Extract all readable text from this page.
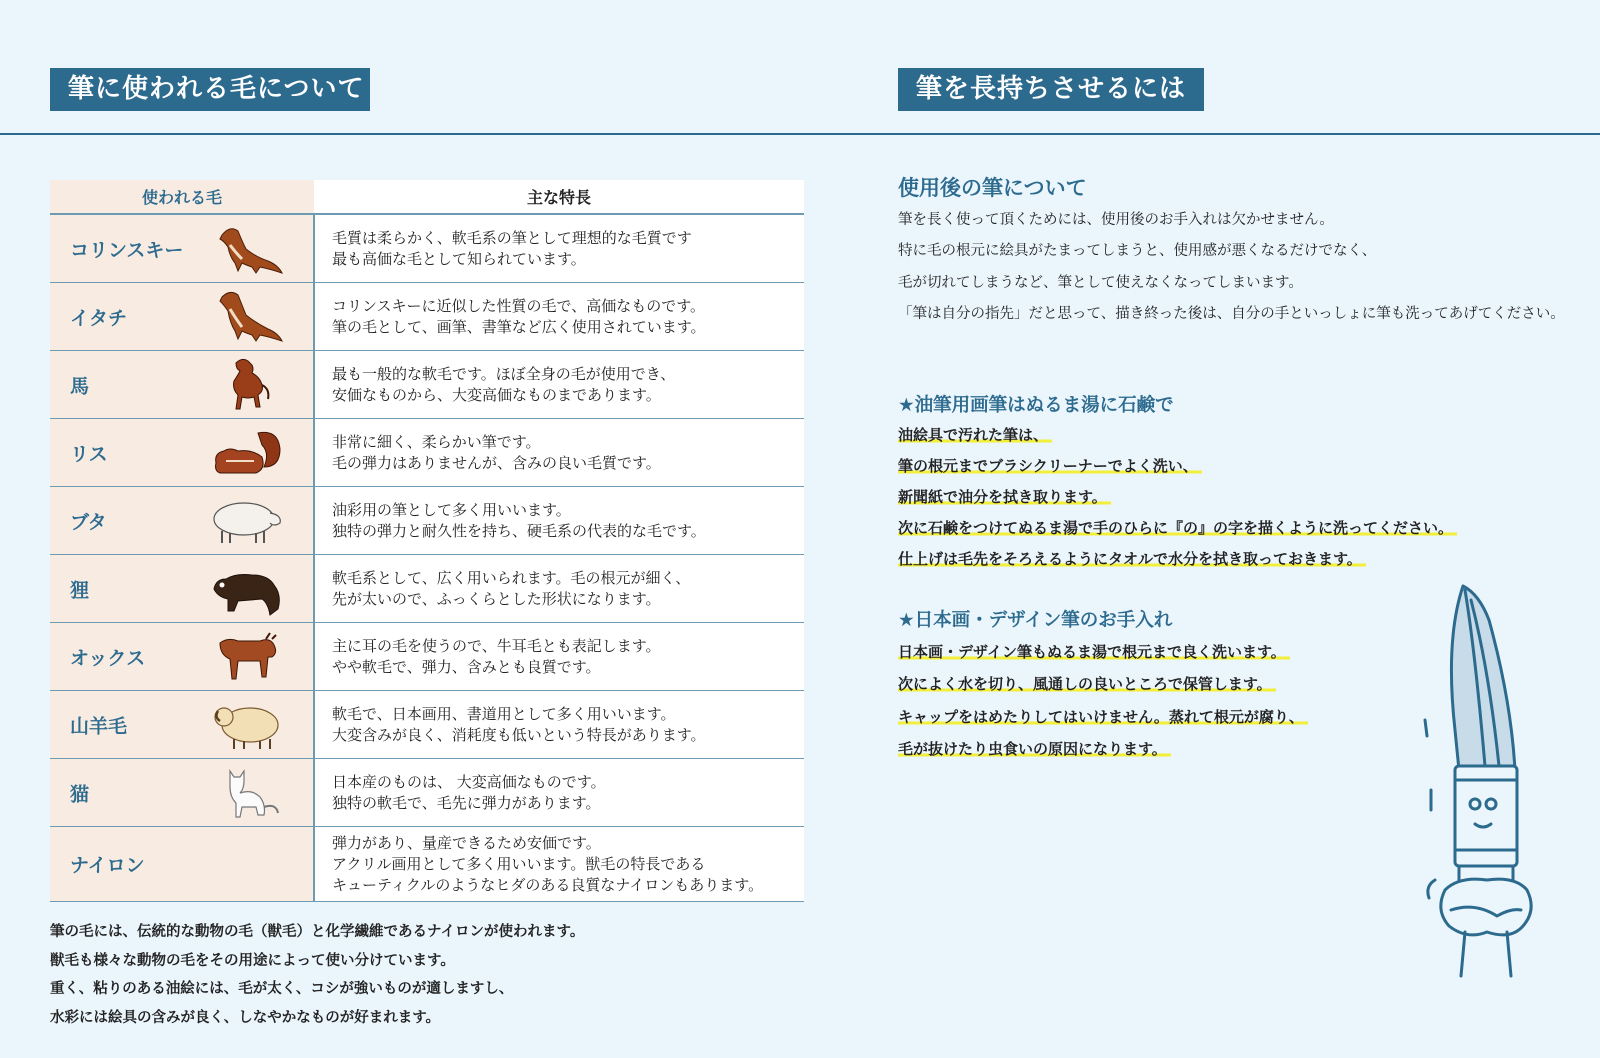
筆に使われる毛について	筆を長持ちさせるには
使われる毛	主な特長

コリンスキー	毛質は柔らかく、軟毛系の筆として理想的な毛質です
最も高価な毛として知られています。

イタチ	コリンスキーに近似した性質の毛で、高価なものです。
筆の毛として、画筆、書筆など広く使用されています。

馬	最も一般的な軟毛です。ほぼ全身の毛が使用でき、
安価なものから、大変高価なものまであります。

リス	非常に細く、柔らかい筆です。
毛の弾力はありませんが、含みの良い毛質です。

ブタ	油彩用の筆として多く用いいます。
独特の弾力と耐久性を持ち、硬毛系の代表的な毛です。

狸	軟毛系として、広く用いられます。毛の根元が細く、
先が太いので、ふっくらとした形状になります。

オックス	主に耳の毛を使うので、牛耳毛とも表記します。
やや軟毛で、弾力、含みとも良質です。

山羊毛	軟毛で、日本画用、書道用として多く用いいます。
大変含みが良く、消耗度も低いという特長があります。

猫	日本産のものは、 大変高価なものです。
独特の軟毛で、毛先に弾力があります。

ナイロン	弾力があり、量産できるため安価です。
アクリル画用として多く用いいます。獣毛の特長である
キューティクルのようなヒダのある良質なナイロンもあります。
筆の毛には、伝統的な動物の毛（獣毛）と化学繊維であるナイロンが使われます。
獣毛も様々な動物の毛をその用途によって使い分けています。
重く、粘りのある油絵には、毛が太く、コシが強いものが適しますし、
水彩には絵具の含みが良く、しなやかなものが好まれます。
使用後の筆について
筆を長く使って頂くためには、使用後のお手入れは欠かせません。
特に毛の根元に絵具がたまってしまうと、使用感が悪くなるだけでなく、
毛が切れてしまうなど、筆として使えなくなってしまいます。
「筆は自分の指先」だと思って、描き終った後は、自分の手といっしょに筆も洗ってあげてください。
★油筆用画筆はぬるま湯に石鹸で
油絵具で汚れた筆は、
筆の根元までブラシクリーナーでよく洗い、
新聞紙で油分を拭き取ります。
次に石鹸をつけてぬるま湯で手のひらに『の』の字を描くように洗ってください。
仕上げは毛先をそろえるようにタオルで水分を拭き取っておきます。
★日本画・デザイン筆のお手入れ
日本画・デザイン筆もぬるま湯で根元まで良く洗います。
次によく水を切り、風通しの良いところで保管します。
キャップをはめたりしてはいけません。蒸れて根元が腐り、
毛が抜けたり虫食いの原因になります。
